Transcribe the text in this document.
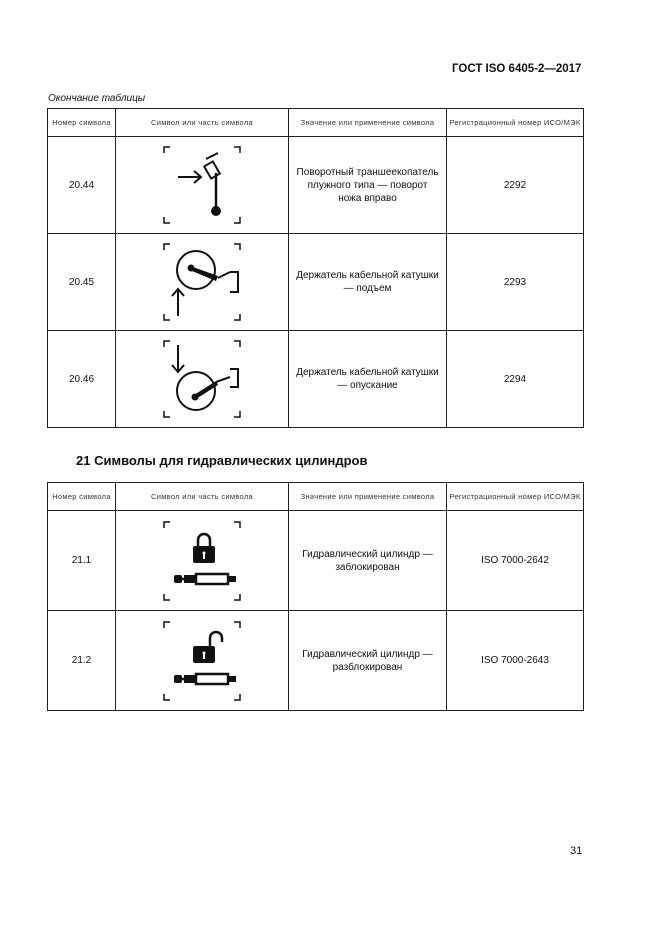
ГОСТ ISO 6405-2—2017
Окончание таблицы
Номер символа	Символ или часть символа	Значение или применение символа	Регистрационный номер ИСО/МЭК
20.44		Поворотный траншеекопатель плужного типа — поворот ножа вправо	2292
20.45		Держатель кабельной катушки — подъем	2293
20.46		Держатель кабельной катушки — опускание	2294
21 Символы для гидравлических цилиндров
Номер символа	Символ или часть символа	Значение или применение символа	Регистрационный номер ИСО/МЭК
21.1		Гидравлический цилиндр — заблокирован	ISO 7000-2642
21.2		Гидравлический цилиндр — разблокирован	ISO 7000-2643
31
